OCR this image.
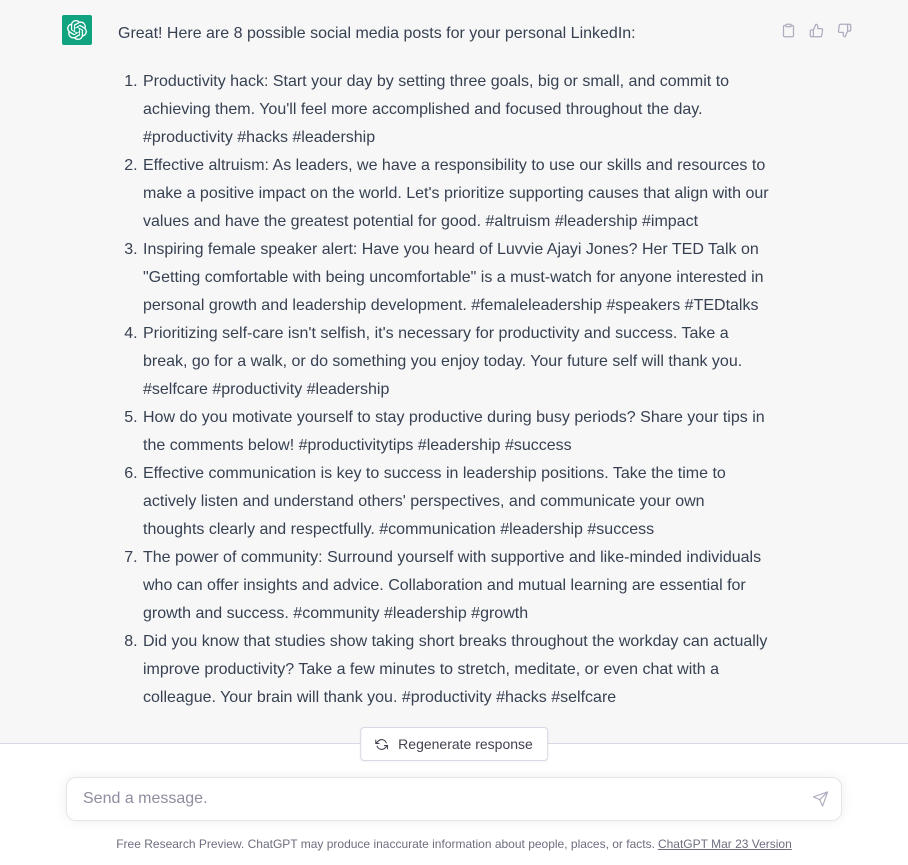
Great! Here are 8 possible social media posts for your personal LinkedIn:

1. Productivity hack: Start your day by setting three goals, big or small, and commit to achieving them. You'll feel more accomplished and focused throughout the day. #productivity #hacks #leadership
2. Effective altruism: As leaders, we have a responsibility to use our skills and resources to make a positive impact on the world. Let's prioritize supporting causes that align with our values and have the greatest potential for good. #altruism #leadership #impact
3. Inspiring female speaker alert: Have you heard of Luvvie Ajayi Jones? Her TED Talk on "Getting comfortable with being uncomfortable" is a must-watch for anyone interested in personal growth and leadership development. #femaleleadership #speakers #TEDtalks
4. Prioritizing self-care isn't selfish, it's necessary for productivity and success. Take a break, go for a walk, or do something you enjoy today. Your future self will thank you. #selfcare #productivity #leadership
5. How do you motivate yourself to stay productive during busy periods? Share your tips in the comments below! #productivitytips #leadership #success
6. Effective communication is key to success in leadership positions. Take the time to actively listen and understand others' perspectives, and communicate your own thoughts clearly and respectfully. #communication #leadership #success
7. The power of community: Surround yourself with supportive and like-minded individuals who can offer insights and advice. Collaboration and mutual learning are essential for growth and success. #community #leadership #growth
8. Did you know that studies show taking short breaks throughout the workday can actually improve productivity? Take a few minutes to stretch, meditate, or even chat with a colleague. Your brain will thank you. #productivity #hacks #selfcare
Regenerate response
Send a message.
Free Research Preview. ChatGPT may produce inaccurate information about people, places, or facts. ChatGPT Mar 23 Version
